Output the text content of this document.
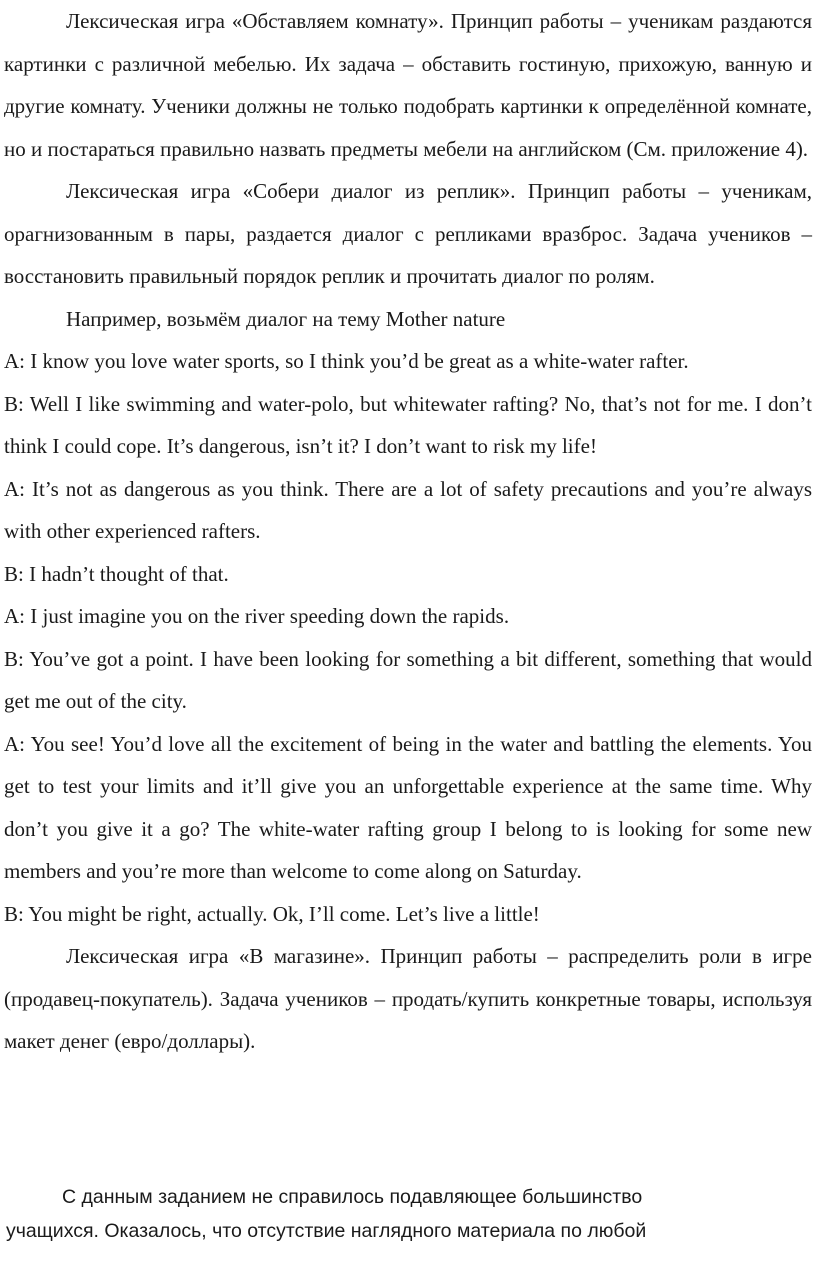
Лексическая игра «Обставляем комнату». Принцип работы – ученикам раздаются картинки с различной мебелью. Их задача – обставить гостиную, прихожую, ванную и другие комнату. Ученики должны не только подобрать картинки к определённой комнате, но и постараться правильно назвать предметы мебели на английском (См. приложение 4).

Лексическая игра «Собери диалог из реплик». Принцип работы – ученикам, орагнизованным в пары, раздается диалог с репликами вразброс. Задача учеников – восстановить правильный порядок реплик и прочитать диалог по ролям.

Например, возьмём диалог на тему Mother nature

A: I know you love water sports, so I think you’d be great as a white-water rafter.

B: Well I like swimming and water-polo, but whitewater rafting? No, that’s not for me. I don’t think I could cope. It’s dangerous, isn’t it? I don’t want to risk my life!

A: It’s not as dangerous as you think. There are a lot of safety precautions and you’re always with other experienced rafters.

B: I hadn’t thought of that.

A: I just imagine you on the river speeding down the rapids.

B: You’ve got a point. I have been looking for something a bit different, something that would get me out of the city.

A: You see! You’d love all the excitement of being in the water and battling the elements. You get to test your limits and it’ll give you an unforgettable experience at the same time. Why don’t you give it a go? The white-water rafting group I belong to is looking for some new members and you’re more than welcome to come along on Saturday.

B: You might be right, actually. Ok, I’ll come. Let’s live a little!

Лексическая игра «В магазине». Принцип работы – распределить роли в игре (продавец-покупатель). Задача учеников – продать/купить конкретные товары, используя макет денег (евро/доллары).

С данным заданием не справилось подавляющее большинство

учащихся. Оказалось, что отсутствие наглядного материала по любой
